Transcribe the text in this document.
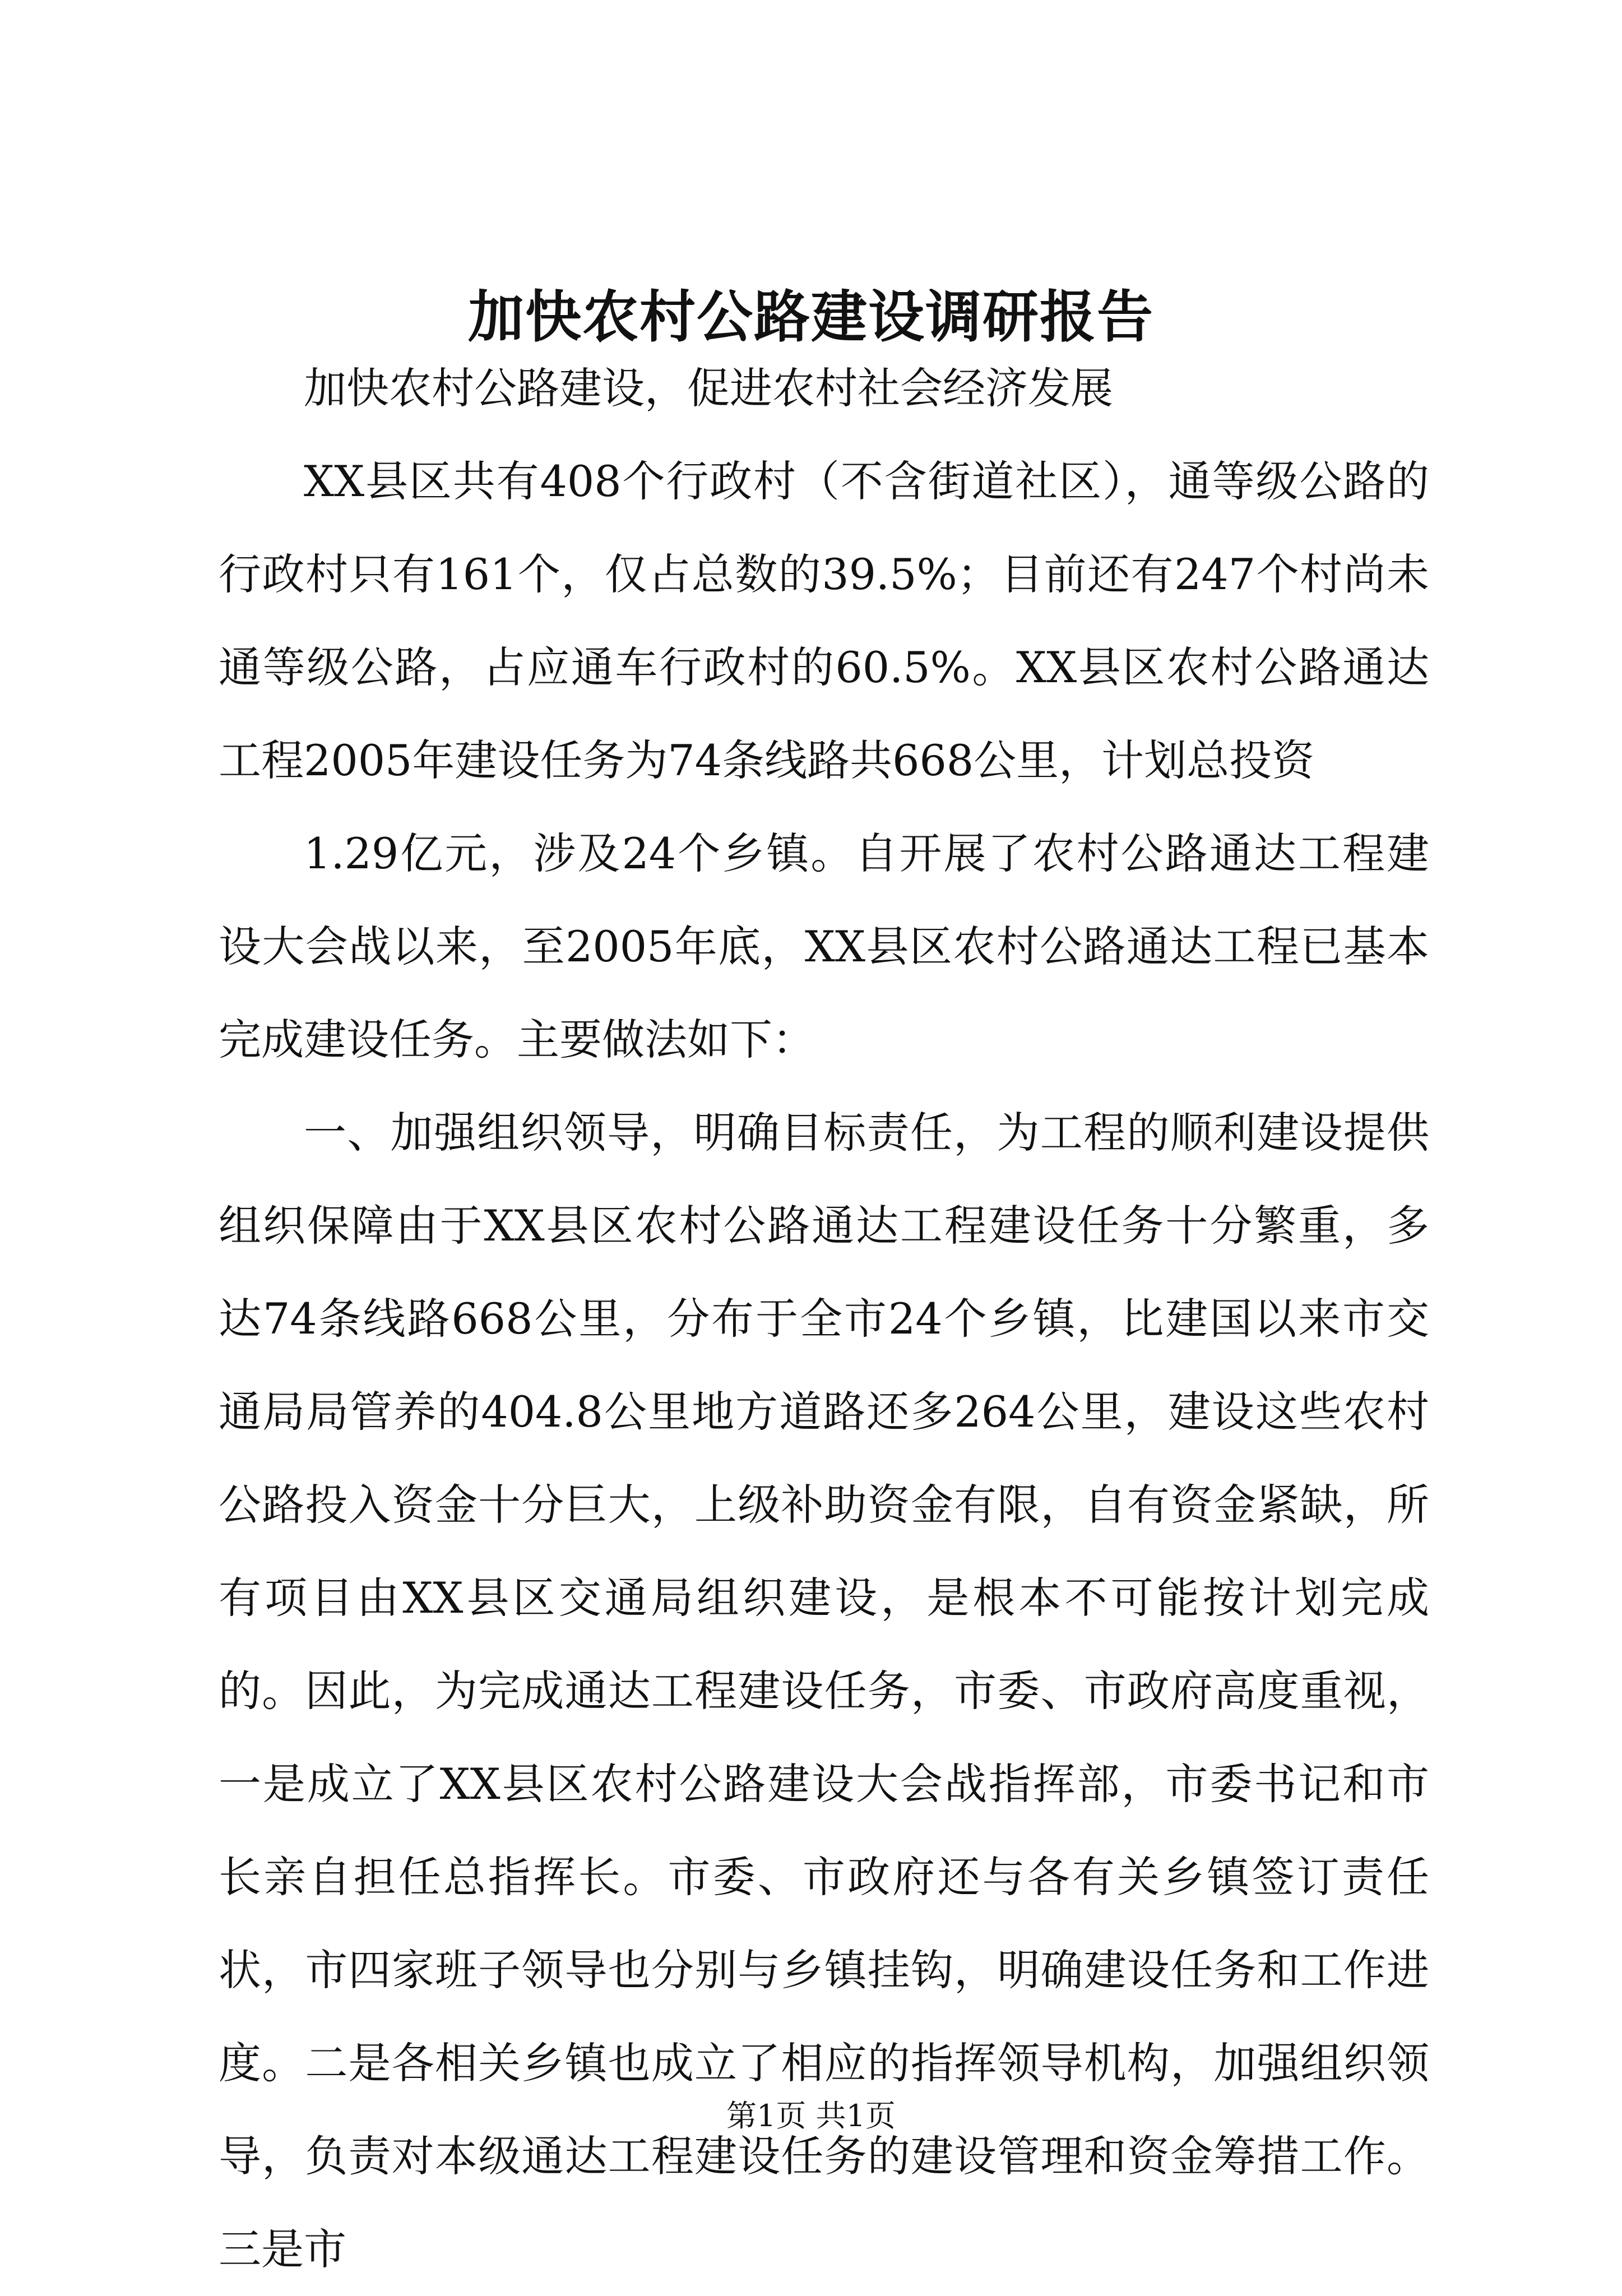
加快农村公路建设调研报告

加快农村公路建设，促进农村社会经济发展

XX县区共有408个行政村（不含街道社区），通等级公路的行政村只有161个，仅占总数的39.5%；目前还有247个村尚未通等级公路，占应通车行政村的60.5%。XX县区农村公路通达工程2005年建设任务为74条线路共668公里，计划总投资

1.29亿元，涉及24个乡镇。自开展了农村公路通达工程建设大会战以来，至2005年底，XX县区农村公路通达工程已基本完成建设任务。主要做法如下：

一、加强组织领导，明确目标责任，为工程的顺利建设提供组织保障由于XX县区农村公路通达工程建设任务十分繁重，多达74条线路668公里，分布于全市24个乡镇，比建国以来市交通局局管养的404.8公里地方道路还多264公里，建设这些农村公路投入资金十分巨大，上级补助资金有限，自有资金紧缺，所有项目由XX县区交通局组织建设，是根本不可能按计划完成的。因此，为完成通达工程建设任务，市委、市政府高度重视，一是成立了XX县区农村公路建设大会战指挥部，市委书记和市长亲自担任总指挥长。市委、市政府还与各有关乡镇签订责任状，市四家班子领导也分别与乡镇挂钩，明确建设任务和工作进度。二是各相关乡镇也成立了相应的指挥领导机构，加强组织领导，负责对本级通达工程建设任务的建设管理和资金筹措工作。三是市

第1页 共1页
